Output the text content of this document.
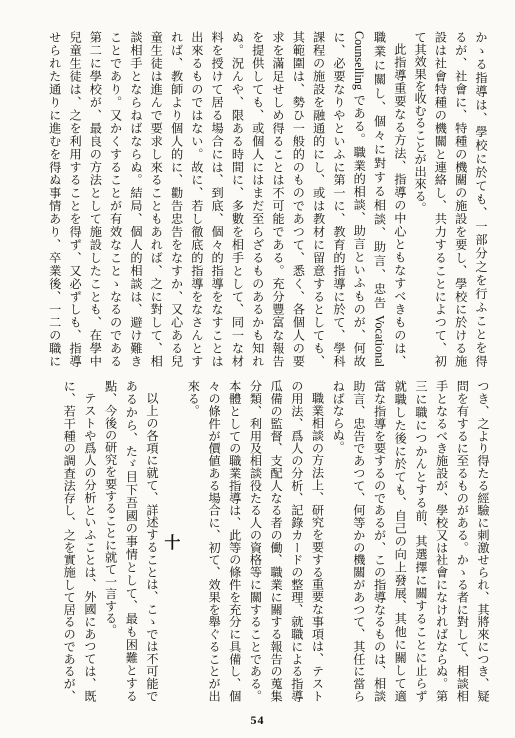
かゝる指導は、學校に於ても、一部分之を行ふことを得
るが、社會に、特種の機關の施設を要し、學校に於ける施
設は社會特種の機關と連絡し、共力することによつて、初
て其效果を收むることが出來る。
此指導重要なる方法、指導の中心ともなすべきものは、
職業に關し、個々に對する相談、助言、忠告 Vocational
Counselling である。職業的相談、助言といふものが、何故
に、必要なりやといふに第一に、教育的指導に於て、學科
課程の施設を融通的にし、或は教材に留意するとしても、
其範圍は、勢ひ一般的のものであつて、悉く、各個人の要
求を滿足せしめ得ることは不可能である。充分豐富な報告
を提供しても、或個人にはまだ至らざるものあるかも知れ
ぬ。況んや、限ある時間に、多數を相手として、同一な材
料を授けて居る場合には、到底、個々的指導をなすことは
出來るものではない。故に、若し徹底的指導をなさんとす
れば、教師より個人的に、勸告忠告をなすか、又心ある兒
童生徒は進んで要求し來ることもあれば、之に對して、相
談相手とならねばならぬ。結局、個人的相談は、避け難き
ことであり。又かくすることが有效なことゝなるのである
第二に學校が、最良の方法として施設したことも、在學中
兒童生徒は、之を利用することを得ず、又必ずしも、指導
せられた通りに進むを得ぬ事情あり、卒業後、一二の職に
つき、之より得たる經驗に刺激せられ、其將來につき、疑
問を有するに至るものがある。かゝる者に對して、相談相
手となるべき施設が、學校又は社會になければならぬ。第
三に職につかんとする前、其選擇に關することに止らず
就職した後に於ても、自己の向上發展、其他に關して適
當な指導を要するのであるが、この指導なるものは、相談
助言、忠告であつて、何等かの機關があつて、其任に當ら
ねばならぬ。
職業相談の方法上、研究を要する重要な事項は、テスト
の用法、爲人の分析、記錄カードの整理、就職による指導
瓜備の監督、支配人なる者の働、職業に關する報告の蒐集
分類、利用及相談役たる人の資格等に關することである。
本體としての職業指導は、此等の條件を充分に具備し、個
々の條件が價値ある場合に、初て、效果を舉ぐることが出
來る。
十
以上の各項に就て、詳述することは、こゝでは不可能で
あるから、たゞ目下吾國の事情として、最も困難とする
點、今後の研究を要することに就て一言する。
テストや爲人の分析といふことは、外國にあつては、既
に、若干種の調査法存し、之を實施して居るのであるが、
54
